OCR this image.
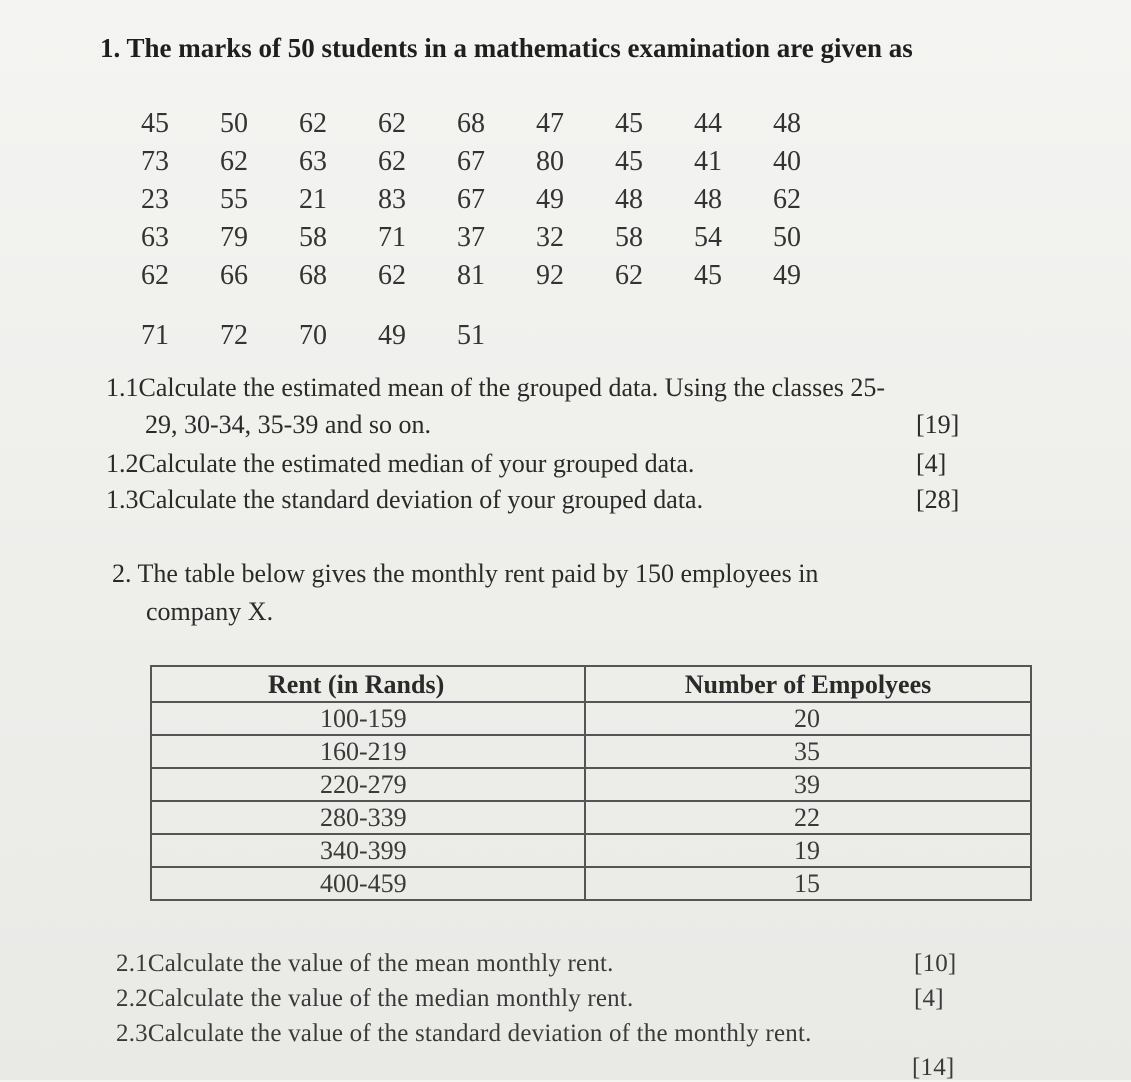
1. The marks of 50 students in a mathematics examination are given as
45	50	62	62	68	47	45	44	48
73	62	63	62	67	80	45	41	40
23	55	21	83	67	49	48	48	62
63	79	58	71	37	32	58	54	50
62	66	68	62	81	92	62	45	49
71	72	70	49	51
1.1Calculate the estimated mean of the grouped data. Using the classes 25-
29, 30-34, 35-39 and so on.	[19]
1.2Calculate the estimated median of your grouped data.	[4]
1.3Calculate the standard deviation of your grouped data.	[28]
2. The table below gives the monthly rent paid by 150 employees in
company X.
Rent (in Rands)	Number of Empolyees
100-159	20
160-219	35
220-279	39
280-339	22
340-399	19
400-459	15
2.1Calculate the value of the mean monthly rent.	[10]
2.2Calculate the value of the median monthly rent.	[4]
2.3Calculate the value of the standard deviation of the monthly rent.
[14]
